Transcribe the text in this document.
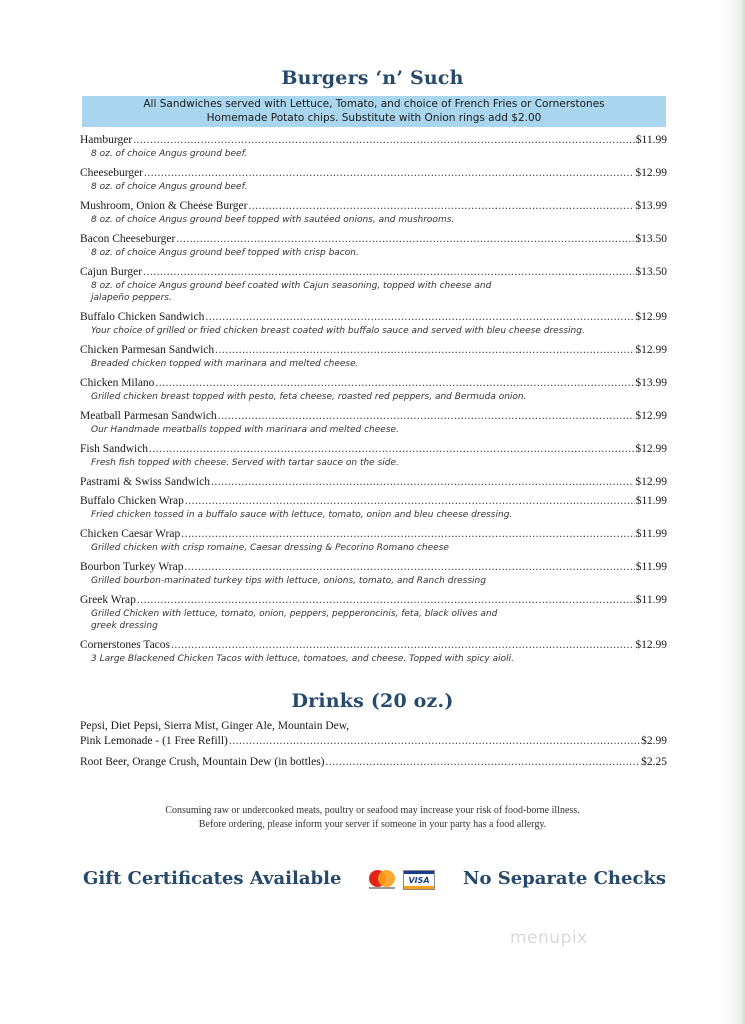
Burgers ‘n’ Such
All Sandwiches served with Lettuce, Tomato, and choice of French Fries or Cornerstones
Homemade Potato chips. Substitute with Onion rings add $2.00
Hamburger .....	$11.99
8 oz. of choice Angus ground beef.
Cheeseburger .....	$12.99
8 oz. of choice Angus ground beef.
Mushroom, Onion & Cheese Burger .....	$13.99
8 oz. of choice Angus ground beef topped with sautéed onions, and mushrooms.
Bacon Cheeseburger .....	$13.50
8 oz. of choice Angus ground beef topped with crisp bacon.
Cajun Burger .....	$13.50
8 oz. of choice Angus ground beef coated with Cajun seasoning, topped with cheese and jalapeño peppers.
Buffalo Chicken Sandwich .....	$12.99
Your choice of grilled or fried chicken breast coated with buffalo sauce and served with bleu cheese dressing.
Chicken Parmesan Sandwich .....	$12.99
Breaded chicken topped with marinara and melted cheese.
Chicken Milano .....	$13.99
Grilled chicken breast topped with pesto, feta cheese, roasted red peppers, and Bermuda onion.
Meatball Parmesan Sandwich .....	$12.99
Our Handmade meatballs topped with marinara and melted cheese.
Fish Sandwich .....	$12.99
Fresh fish topped with cheese. Served with tartar sauce on the side.
Pastrami & Swiss Sandwich .....	$12.99
Buffalo Chicken Wrap .....	$11.99
Fried chicken tossed in a buffalo sauce with lettuce, tomato, onion and bleu cheese dressing.
Chicken Caesar Wrap .....	$11.99
Grilled chicken with crisp romaine, Caesar dressing & Pecorino Romano cheese
Bourbon Turkey Wrap .....	$11.99
Grilled bourbon-marinated turkey tips with lettuce, onions, tomato, and Ranch dressing
Greek Wrap .....	$11.99
Grilled Chicken with lettuce, tomato, onion, peppers, pepperoncinis, feta, black olives and greek dressing
Cornerstones Tacos .....	$12.99
3 Large Blackened Chicken Tacos with lettuce, tomatoes, and cheese. Topped with spicy aioli.
Drinks (20 oz.)
Pepsi, Diet Pepsi, Sierra Mist, Ginger Ale, Mountain Dew,
Pink Lemonade - (1 Free Refill) .....	$2.99
Root Beer, Orange Crush, Mountain Dew (in bottles) .....	$2.25
Consuming raw or undercooked meats, poultry or seafood may increase your risk of food-borne illness.
Before ordering, please inform your server if someone in your party has a food allergy.
Gift Certificates Available	VISA	No Separate Checks
menupix
